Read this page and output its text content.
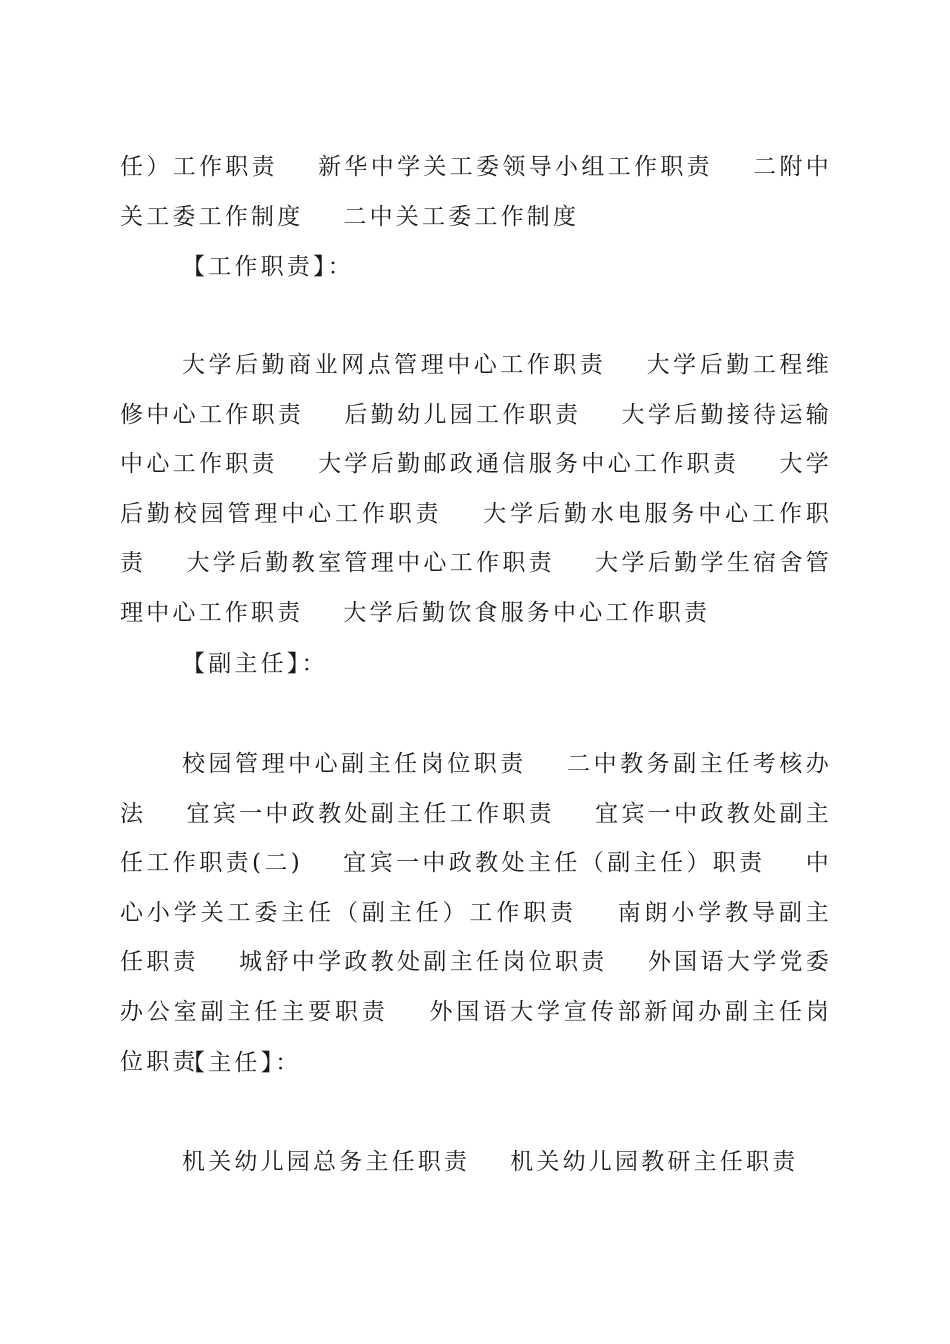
任）工作职责 新华中学关工委领导小组工作职责 二附中关工委工作制度 二中关工委工作制度

【工作职责】：

大学后勤商业网点管理中心工作职责 大学后勤工程维修中心工作职责 后勤幼儿园工作职责 大学后勤接待运输中心工作职责 大学后勤邮政通信服务中心工作职责 大学后勤校园管理中心工作职责 大学后勤水电服务中心工作职责 大学后勤教室管理中心工作职责 大学后勤学生宿舍管理中心工作职责 大学后勤饮食服务中心工作职责

【副主任】：

校园管理中心副主任岗位职责 二中教务副主任考核办法 宜宾一中政教处副主任工作职责 宜宾一中政教处副主任工作职责(二) 宜宾一中政教处主任（副主任）职责 中心小学关工委主任（副主任）工作职责 南朗小学教导副主任职责 城舒中学政教处副主任岗位职责 外国语大学党委办公室副主任主要职责 外国语大学宣传部新闻办副主任岗位职责

【主任】：

机关幼儿园总务主任职责 机关幼儿园教研主任职责
